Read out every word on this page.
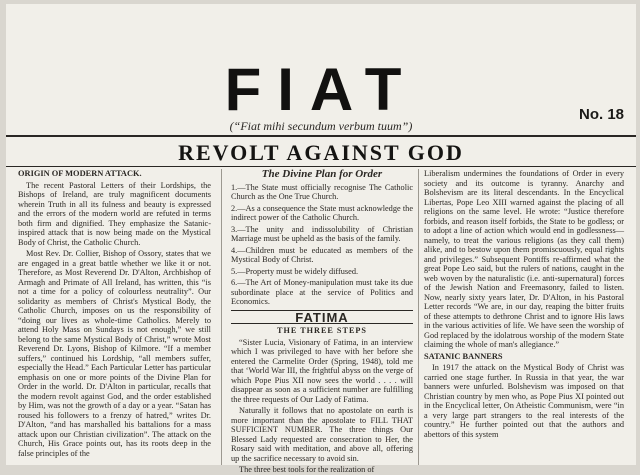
FIAT
(“Fiat mihi secundum verbum tuum”)
No. 18
REVOLT AGAINST GOD
ORIGIN OF MODERN ATTACK.

The recent Pastoral Letters of their Lordships, the Bishops of Ireland, are truly magnificent documents wherein Truth in all its fulness and beauty is expressed and the errors of the modern world are refuted in terms both firm and dignified. They emphasize the Satanic-inspired attack that is now being made on the Mystical Body of Christ, the Catholic Church.

Most Rev. Dr. Collier, Bishop of Ossory, states that we are engaged in a great battle whether we like it or not. Therefore, as Most Reverend Dr. D'Alton, Archbishop of Armagh and Primate of All Ireland, has written, this “is not a time for a policy of colourless neutrality”. Our solidarity as members of Christ's Mystical Body, the Catholic Church, imposes on us the responsibility of “doing our lives as whole-time Catholics. Merely to attend Holy Mass on Sundays is not enough,” we still belong to the same Mystical Body of Christ,” wrote Most Reverend Dr. Lyons, Bishop of Kilmore. “If a member suffers,” continued his Lordship, “all members suffer, especially the Head.” Each Particular Letter has particular emphasis on one or more points of the Divine Plan for Order in the world. Dr. D'Alton in particular, recalls that the modern revolt against God, and the order established by Him, was not the growth of a day or a year. “Satan has roused his followers to a frenzy of hatred,” writes Dr. D'Alton, “and has marshalled his battalions for a mass attack upon our Christian civilization”. The attack on the Church, His Grace points out, has its roots deep in the false principles of the

The Divine Plan for Order

1.—The State must officially recognise The Catholic Church as the One True Church.

2.—As a consequence the State must acknowledge the indirect power of the Catholic Church.

3.—The unity and indissolubility of Christian Marriage must be upheld as the basis of the family.

4.—Children must be educated as members of the Mystical Body of Christ.

5.—Property must be widely diffused.

6.—The Art of Money-manipulation must take its due subordinate place at the service of Politics and Economics.

FATIMA
THE THREE STEPS

“Sister Lucia, Visionary of Fatima, in an interview which I was privileged to have with her before she entered the Carmelite Order (Spring, 1948), told me that ‘World War III, the frightful abyss on the verge of which Pope Pius XII now sees the world . . . . will disappear as soon as a sufficient number are fulfilling the three requests of Our Lady of Fatima.

Naturally it follows that no apostolate on earth is more important than the apostolate to FILL THAT SUFFICIENT NUMBER. The three things Our Blessed Lady requested are consecration to Her, the Rosary said with meditation, and above all, offering up the sacrifice necessary to avoid sin.

The three best tools for the realization of

Liberalism undermines the foundations of Order in every society and its outcome is tyranny. Anarchy and Bolshevism are its literal descendants. In the Encyclical Libertas, Pope Leo XIII warned against the placing of all religions on the same level. He wrote: “Justice therefore forbids, and reason itself forbids, the State to be godless; or to adopt a line of action which would end in godlessness—namely, to treat the various religions (as they call them) alike, and to bestow upon them promiscuously, equal rights and privileges.” Subsequent Pontiffs re-affirmed what the great Pope Leo said, but the rulers of nations, caught in the web woven by the naturalistic (i.e. anti-supernatural) forces of the Jewish Nation and Freemasonry, failed to listen. Now, nearly sixty years later, Dr. D'Alton, in his Pastoral Letter records “We are, in our day, reaping the bitter fruits of these attempts to dethrone Christ and to ignore His laws in the various activities of life. We have seen the worship of God replaced by the idolatrous worship of the modern State claiming the whole of man's allegiance.”

SATANIC BANNERS

In 1917 the attack on the Mystical Body of Christ was carried one stage further. In Russia in that year, the war banners were unfurled. Bolshevism was imposed on that Christian country by men who, as Pope Pius XI pointed out in the Encyclical letter, On Atheistic Communism, were “in a very large part strangers to the real interests of the country.” He further pointed out that the authors and abettors of this system
